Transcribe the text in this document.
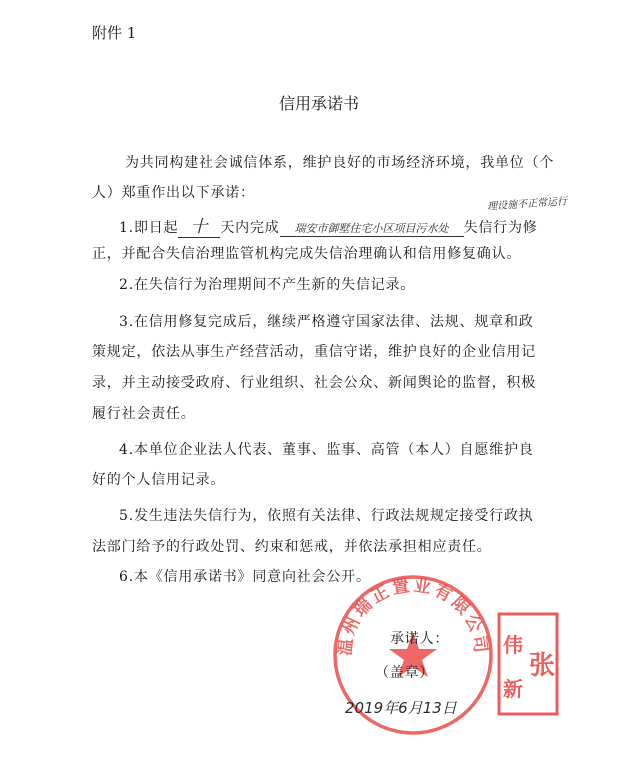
附件 1
信用承诺书
为共同构建社会诚信体系，维护良好的市场经济环境，我单位（个
人）郑重作出以下承诺：
理设施不正常运行
1.即日起 十 天内完成 瑞安市御墅住宅小区项目污水处 失信行为修
正，并配合失信治理监管机构完成失信治理确认和信用修复确认。
2.在失信行为治理期间不产生新的失信记录。
3.在信用修复完成后，继续严格遵守国家法律、法规、规章和政
策规定，依法从事生产经营活动，重信守诺，维护良好的企业信用记
录，并主动接受政府、行业组织、社会公众、新闻舆论的监督，积极
履行社会责任。
4.本单位企业法人代表、董事、监事、高管（本人）自愿维护良
好的个人信用记录。
5.发生违法失信行为，依照有关法律、行政法规规定接受行政执
法部门给予的行政处罚、约束和惩戒，并依法承担相应责任。
6.本《信用承诺书》同意向社会公开。
温州瑞正置业有限公司 伟
新
张
承诺人：
（盖章）
2019年6月13日
